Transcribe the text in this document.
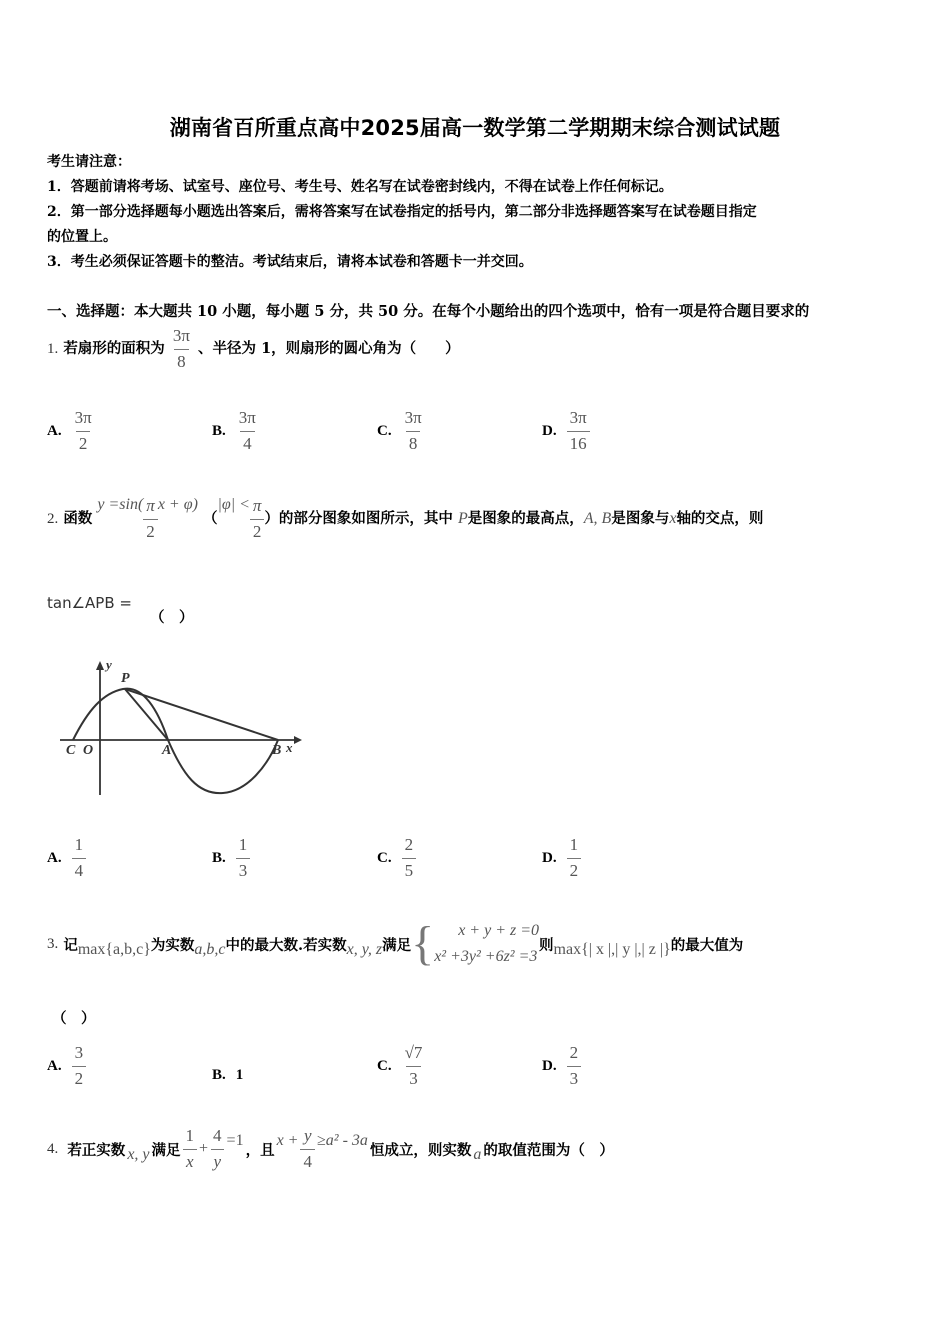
湖南省百所重点高中2025届高一数学第二学期期末综合测试试题
考生请注意：
1．答题前请将考场、试室号、座位号、考生号、姓名写在试卷密封线内，不得在试卷上作任何标记。
2．第一部分选择题每小题选出答案后，需将答案写在试卷指定的括号内，第二部分非选择题答案写在试卷题目指定
的位置上。
3．考生必须保证答题卡的整洁。考试结束后，请将本试卷和答题卡一并交回。
一、选择题：本大题共 10 小题，每小题 5 分，共 50 分。在每个小题给出的四个选项中，恰有一项是符合题目要求的
1. 若扇形的面积为 $\frac{3\pi}{8}$ 、半径为 1，则扇形的圆心角为（　　）
A. $\frac{3\pi}{2}$	B. $\frac{3\pi}{4}$	C. $\frac{3\pi}{8}$	D. $\frac{3\pi}{16}$
2. 函数 $y =\sin( \frac{\pi}{2}$ x + φ) （$|\varphi| < \frac{\pi}{2}$ ）的部分图象如图所示，其中 P是图象的最高点，A, B是图象与x轴的交点，则
tan∠APB =
（　）
y
P
C O	A	B x
A. $\frac{1}{4}$	B. $\frac{1}{3}$	C. $\frac{2}{5}$	D. $\frac{1}{2}$
3.
记 max{a,b,c} 为实数 a,b,c 中的最大数.若实数 x, y, z 满足 {	x + y + z =0
x² +3y² +6z² =3
则 max{| x |,| y |,| z |} 的最大值为
（　）
A. $\frac{3}{2}$	B. 1
C. $\frac{√7}{3}$	D. $\frac{2}{3}$
4.
若正实数 x, y 满足 $\frac{1}{x} + \frac{4}{y} =1$
，且
$x + \frac{y}{4} \ge a^2 - 3a$
恒成立，则实数 a 的取值范围为（　）
